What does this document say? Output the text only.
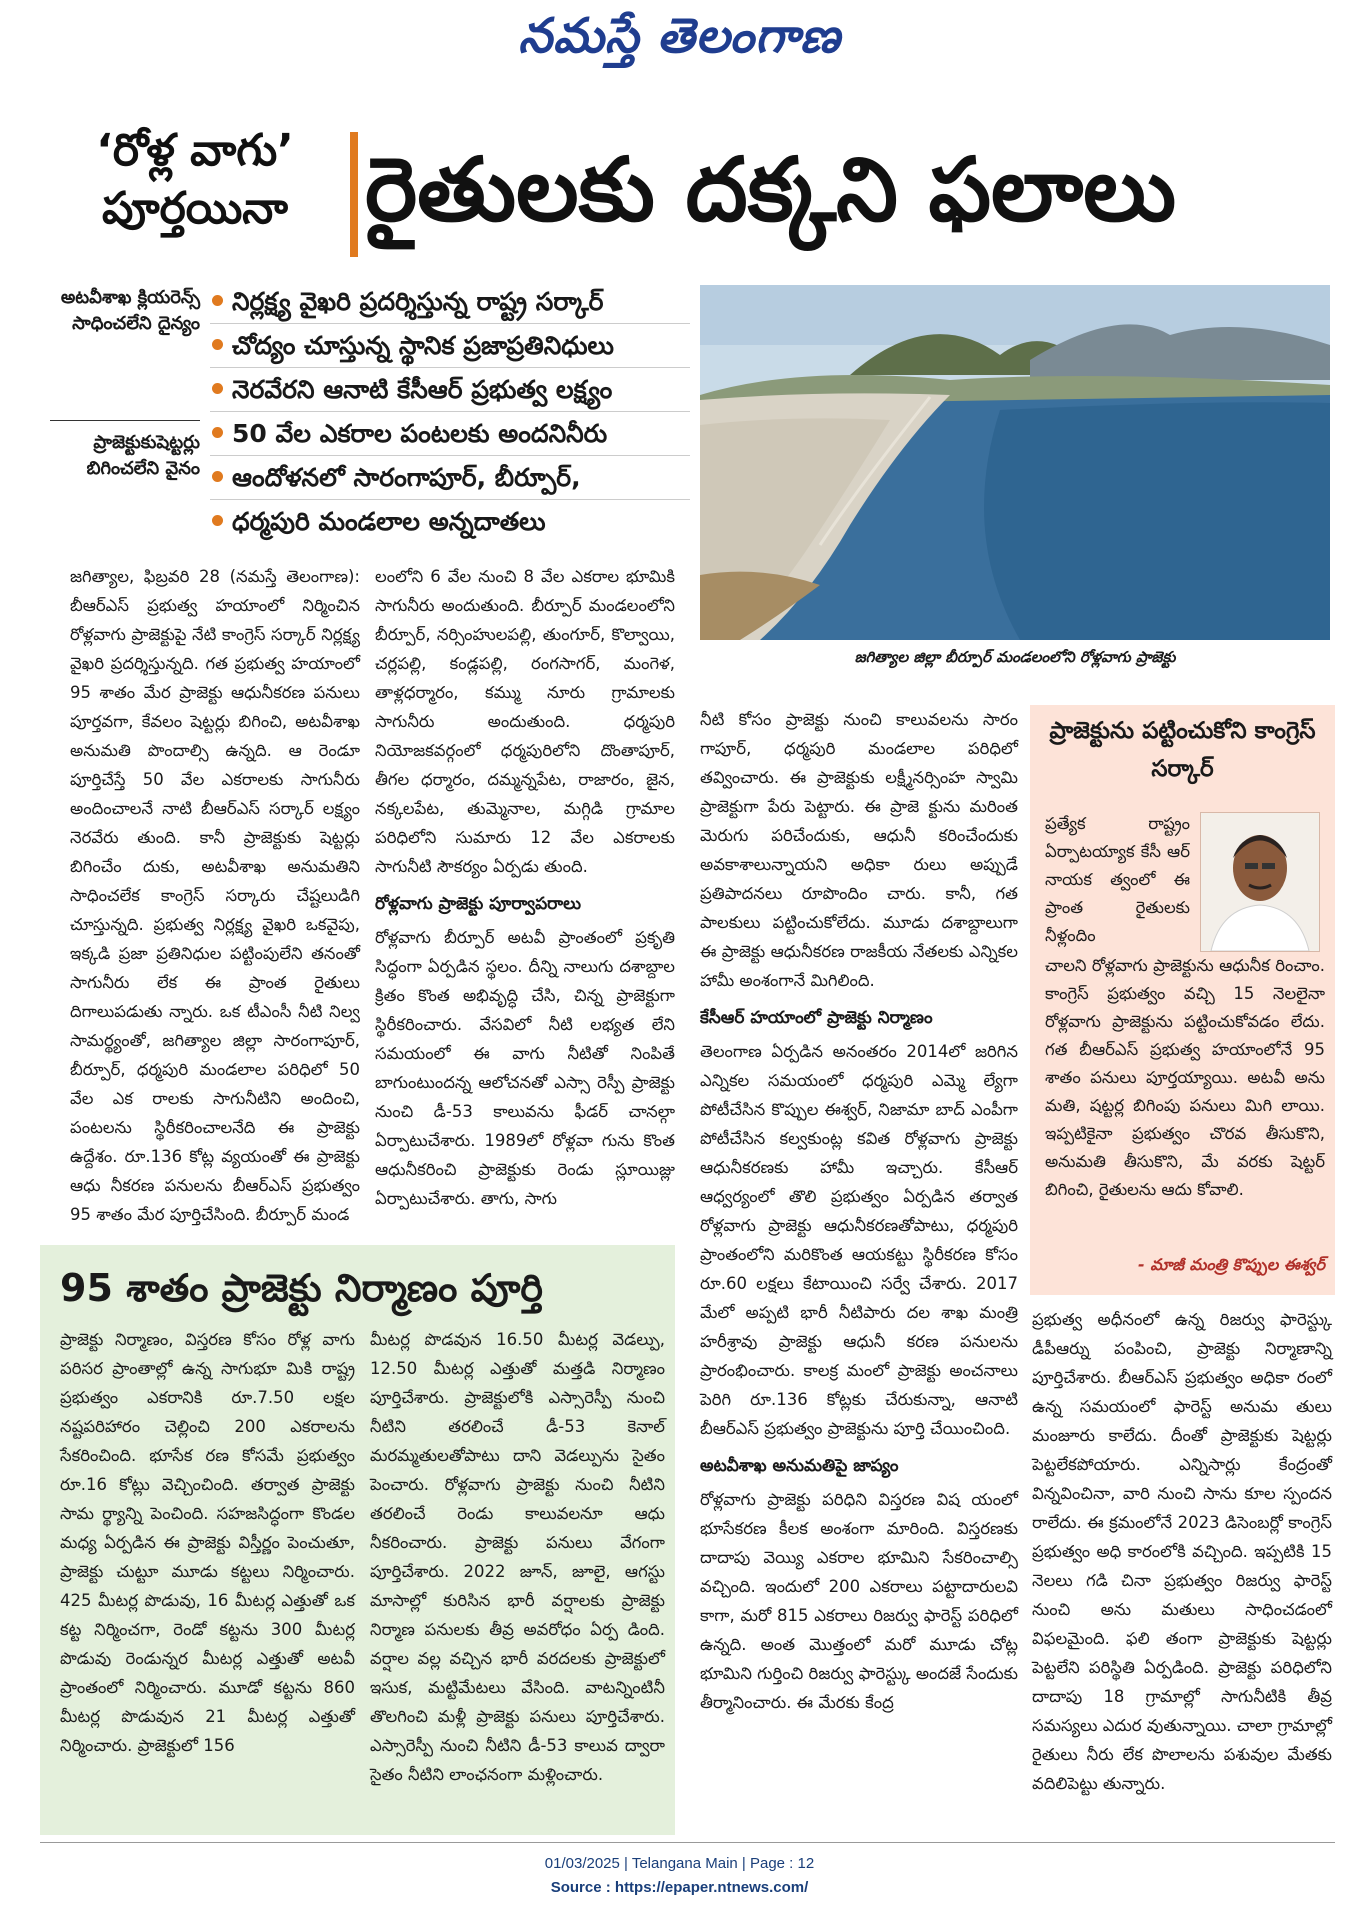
నమస్తే తెలంగాణ
‘రోళ్ల వాగు’
పూర్తయినా రైతులకు దక్కని ఫలాలు
అటవీశాఖ క్లియరెన్స్ సాధించలేని దైన్యం
ప్రాజెక్టుకుషెట్టర్లు బిగించలేని వైనం
నిర్లక్ష్య వైఖరి ప్రదర్శిస్తున్న రాష్ట్ర సర్కార్
చోద్యం చూస్తున్న స్థానిక ప్రజాప్రతినిధులు
నెరవేరని ఆనాటి కేసీఆర్ ప్రభుత్వ లక్ష్యం
50 వేల ఎకరాల పంటలకు అందనినీరు
ఆందోళనలో సారంగాపూర్, బీర్పూర్,
ధర్మపురి మండలాల అన్నదాతలు
జగిత్యాల జిల్లా బీర్పూర్ మండలంలోని రోళ్లవాగు ప్రాజెక్టు
జగిత్యాల, ఫిబ్రవరి 28 (నమస్తే తెలంగాణ): బీఆర్ఎస్ ప్రభుత్వ హయాంలో నిర్మించిన రోళ్లవాగు ప్రాజెక్టుపై నేటి కాంగ్రెస్ సర్కార్ నిర్లక్ష్య వైఖరి ప్రదర్శిస్తున్నది. గత ప్రభుత్వ హయాంలో 95 శాతం మేర ప్రాజెక్టు ఆధునీకరణ పనులు పూర్తవగా, కేవలం షెట్టర్లు బిగించి, అటవీశాఖ అనుమతి పొందాల్సి ఉన్నది. ఆ రెండూ పూర్తిచేస్తే 50 వేల ఎకరాలకు సాగునీరు అందించాలనే నాటి బీఆర్ఎస్ సర్కార్ లక్ష్యం నెరవేరు తుంది. కానీ ప్రాజెక్టుకు షెట్టర్లు బిగించేం దుకు, అటవీశాఖ అనుమతిని సాధించలేక కాంగ్రెస్ సర్కారు చేష్టలుడిగి చూస్తున్నది. ప్రభుత్వ నిర్లక్ష్య వైఖరి ఒకవైపు, ఇక్కడి ప్రజా ప్రతినిధుల పట్టింపులేని తనంతో సాగునీరు లేక ఈ ప్రాంత రైతులు దిగాలుపడుతు న్నారు. ఒక టీఎంసీ నీటి నిల్వ సామర్థ్యంతో, జగిత్యాల జిల్లా సారంగాపూర్, బీర్పూర్, ధర్మపురి మండలాల పరిధిలో 50 వేల ఎక రాలకు సాగునీటిని అందించి, పంటలను స్థిరీకరించాలనేది ఈ ప్రాజెక్టు ఉద్దేశం. రూ.136 కోట్ల వ్యయంతో ఈ ప్రాజెక్టు ఆధు నీకరణ పనులను బీఆర్ఎస్ ప్రభుత్వం 95 శాతం మేర పూర్తిచేసింది. బీర్పూర్ మండ
లంలోని 6 వేల నుంచి 8 వేల ఎకరాల భూమికి సాగునీరు అందుతుంది. బీర్పూర్ మండలంలోని బీర్పూర్, నర్సింహులపల్లి, తుంగూర్, కొల్వాయి, చర్లపల్లి, కండ్లపల్లి, రంగసాగర్, మంగెళ, తాళ్లధర్మారం, కమ్ము నూరు గ్రామాలకు సాగునీరు అందుతుంది. ధర్మపురి నియోజకవర్గంలో ధర్మపురిలోని దొంతాపూర్, తీగల ధర్మారం, దమ్మన్నపేట, రాజారం, జైన, నక్కలపేట, తుమ్మెనాల, మగ్గిడి గ్రామాల పరిధిలోని సుమారు 12 వేల ఎకరాలకు సాగునీటి సౌకర్యం ఏర్పడు తుంది.
రోళ్లవాగు ప్రాజెక్టు పూర్వాపరాలు
రోళ్లవాగు బీర్పూర్ అటవీ ప్రాంతంలో ప్రకృతి సిద్ధంగా ఏర్పడిన స్థలం. దీన్ని నాలుగు దశాబ్దాల క్రితం కొంత అభివృద్ధి చేసి, చిన్న ప్రాజెక్టుగా స్థిరీకరించారు. వేసవిలో నీటి లభ్యత లేని సమయంలో ఈ వాగు నీటితో నింపితే బాగుంటుందన్న ఆలోచనతో ఎస్సా రెస్పీ ప్రాజెక్టు నుంచి డీ-53 కాలువను ఫీడర్ చానల్గా ఏర్పాటుచేశారు. 1989లో రోళ్లవా గును కొంత ఆధునీకరించి ప్రాజెక్టుకు రెండు స్లూయిజ్లు ఏర్పాటుచేశారు. తాగు, సాగు
నీటి కోసం ప్రాజెక్టు నుంచి కాలువలను సారం గాపూర్, ధర్మపురి మండలాల పరిధిలో తవ్వించారు. ఈ ప్రాజెక్టుకు లక్ష్మీనర్సింహ స్వామి ప్రాజెక్టుగా పేరు పెట్టారు. ఈ ప్రాజె క్టును మరింత మెరుగు పరిచేందుకు, ఆధునీ కరించేందుకు అవకాశాలున్నాయని అధికా రులు అప్పుడే ప్రతిపాదనలు రూపొందిం చారు. కానీ, గత పాలకులు పట్టించుకోలేదు. మూడు దశాబ్దాలుగా ఈ ప్రాజెక్టు ఆధునీకరణ రాజకీయ నేతలకు ఎన్నికల హామీ అంశంగానే మిగిలింది.
కేసీఆర్ హయాంలో ప్రాజెక్టు నిర్మాణం
తెలంగాణ ఏర్పడిన అనంతరం 2014లో జరిగిన ఎన్నికల సమయంలో ధర్మపురి ఎమ్మె ల్యేగా పోటీచేసిన కొప్పుల ఈశ్వర్, నిజామా బాద్ ఎంపీగా పోటీచేసిన కల్వకుంట్ల కవిత రోళ్లవాగు ప్రాజెక్టు ఆధునీకరణకు హామీ ఇచ్చారు. కేసీఆర్ ఆధ్వర్యంలో తొలి ప్రభుత్వం ఏర్పడిన తర్వాత రోళ్లవాగు ప్రాజెక్టు ఆధునీకరణతోపాటు, ధర్మపురి ప్రాంతంలోని మరికొంత ఆయకట్టు స్థిరీకరణ కోసం రూ.60 లక్షలు కేటాయించి సర్వే చేశారు. 2017 మేలో అప్పటి భారీ నీటిపారు దల శాఖ మంత్రి హరీశ్రావు ప్రాజెక్టు ఆధునీ కరణ పనులను ప్రారంభించారు. కాలక్ర మంలో ప్రాజెక్టు అంచనాలు పెరిగి రూ.136 కోట్లకు చేరుకున్నా, ఆనాటి బీఆర్ఎస్ ప్రభుత్వం ప్రాజెక్టును పూర్తి చేయించింది.
అటవీశాఖ అనుమతిపై జాప్యం
రోళ్లవాగు ప్రాజెక్టు పరిధిని విస్తరణ విష యంలో భూసేకరణ కీలక అంశంగా మారింది. విస్తరణకు దాదాపు వెయ్యి ఎకరాల భూమిని సేకరించాల్సి వచ్చింది. ఇందులో 200 ఎకరాలు పట్టాదారులవి కాగా, మరో 815 ఎకరాలు రిజర్వు ఫారెస్ట్ పరిధిలో ఉన్నది. అంత మొత్తంలో మరో మూడు చోట్ల భూమిని గుర్తించి రిజర్వు ఫారెస్ట్కు అందజే సేందుకు తీర్మానించారు. ఈ మేరకు కేంద్ర
ప్రాజెక్టును పట్టించుకోని కాంగ్రెస్ సర్కార్
ప్రత్యేక రాష్ట్రం ఏర్పాటయ్యాక కేసీ ఆర్ నాయక త్వంలో ఈ ప్రాంత రైతులకు నీళ్లందిం
చాలని రోళ్లవాగు ప్రాజెక్టును ఆధునీక రించాం. కాంగ్రెస్ ప్రభుత్వం వచ్చి 15 నెలలైనా రోళ్లవాగు ప్రాజెక్టును పట్టించుకోవడం లేదు. గత బీఆర్ఎస్ ప్రభుత్వ హయాంలోనే 95 శాతం పనులు పూర్తయ్యాయి. అటవీ అను మతి, షట్టర్ల బిగింపు పనులు మిగి లాయి. ఇప్పటికైనా ప్రభుత్వం చొరవ తీసుకొని, అనుమతి తీసుకొని, మే వరకు షెట్టర్ బిగించి, రైతులను ఆదు కోవాలి.
- మాజీ మంత్రి కొప్పుల ఈశ్వర్
ప్రభుత్వ అధీనంలో ఉన్న రిజర్వు ఫారెస్ట్కు డీపీఆర్ను పంపించి, ప్రాజెక్టు నిర్మాణాన్ని పూర్తిచేశారు. బీఆర్ఎస్ ప్రభుత్వం అధికా రంలో ఉన్న సమయంలో ఫారెస్ట్ అనుమ తులు మంజూరు కాలేదు. దీంతో ప్రాజెక్టుకు షెట్టర్లు పెట్టలేకపోయారు. ఎన్నిసార్లు కేంద్రంతో విన్నవించినా, వారి నుంచి సాను కూల స్పందన రాలేదు. ఈ క్రమంలోనే 2023 డిసెంబర్లో కాంగ్రెస్ ప్రభుత్వం అధి కారంలోకి వచ్చింది. ఇప్పటికి 15 నెలలు గడి చినా ప్రభుత్వం రిజర్వు ఫారెస్ట్ నుంచి అను మతులు సాధించడంలో విఫలమైంది. ఫలి తంగా ప్రాజెక్టుకు షెట్టర్లు పెట్టలేని పరిస్థితి ఏర్పడింది. ప్రాజెక్టు పరిధిలోని దాదాపు 18 గ్రామాల్లో సాగునీటికి తీవ్ర సమస్యలు ఎదుర వుతున్నాయి. చాలా గ్రామాల్లో రైతులు నీరు లేక పొలాలను పశువుల మేతకు వదిలిపెట్టు తున్నారు.
95 శాతం ప్రాజెక్టు నిర్మాణం పూర్తి
ప్రాజెక్టు నిర్మాణం, విస్తరణ కోసం రోళ్ల వాగు పరిసర ప్రాంతాల్లో ఉన్న సాగుభూ మికి రాష్ట్ర ప్రభుత్వం ఎకరానికి రూ.7.50 లక్షల నష్టపరిహారం చెల్లించి 200 ఎకరాలను సేకరించింది. భూసేక రణ కోసమే ప్రభుత్వం రూ.16 కోట్లు వెచ్చించింది. తర్వాత ప్రాజెక్టు సామ ర్థ్యాన్ని పెంచింది. సహజసిద్ధంగా కొండల మధ్య ఏర్పడిన ఈ ప్రాజెక్టు విస్తీర్ణం పెంచుతూ, ప్రాజెక్టు చుట్టూ మూడు కట్టలు నిర్మించారు. 425 మీటర్ల పొడువు, 16 మీటర్ల ఎత్తుతో ఒక కట్ట నిర్మించగా, రెండో కట్టను 300 మీటర్ల పొడువు రెండున్నర మీటర్ల ఎత్తుతో అటవీ ప్రాంతంలో నిర్మించారు. మూడో కట్టను 860 మీటర్ల పొడువున 21 మీటర్ల ఎత్తుతో నిర్మించారు. ప్రాజెక్టులో 156
మీటర్ల పొడవున 16.50 మీటర్ల వెడల్పు, 12.50 మీటర్ల ఎత్తుతో మత్తడి నిర్మాణం పూర్తిచేశారు. ప్రాజెక్టులోకి ఎస్సారెస్పీ నుంచి నీటిని తరలించే డీ-53 కెనాల్ మరమ్మతులతోపాటు దాని వెడల్పును సైతం పెంచారు. రోళ్లవాగు ప్రాజెక్టు నుంచి నీటిని తరలించే రెండు కాలువలనూ ఆధు నీకరించారు. ప్రాజెక్టు పనులు వేగంగా పూర్తిచేశారు. 2022 జూన్, జూలై, ఆగస్టు మాసాల్లో కురిసిన భారీ వర్షాలకు ప్రాజెక్టు నిర్మాణ పనులకు తీవ్ర అవరోధం ఏర్ప డింది. వర్షాల వల్ల వచ్చిన భారీ వరదలకు ప్రాజెక్టులో ఇసుక, మట్టిమేటలు వేసింది. వాటన్నింటినీ తొలగించి మళ్లీ ప్రాజెక్టు పనులు పూర్తిచేశారు. ఎస్సారెస్పీ నుంచి నీటిని డీ-53 కాలువ ద్వారా సైతం నీటిని లాంఛనంగా మళ్లించారు.
01/03/2025 | Telangana Main | Page : 12
Source : https://epaper.ntnews.com/
